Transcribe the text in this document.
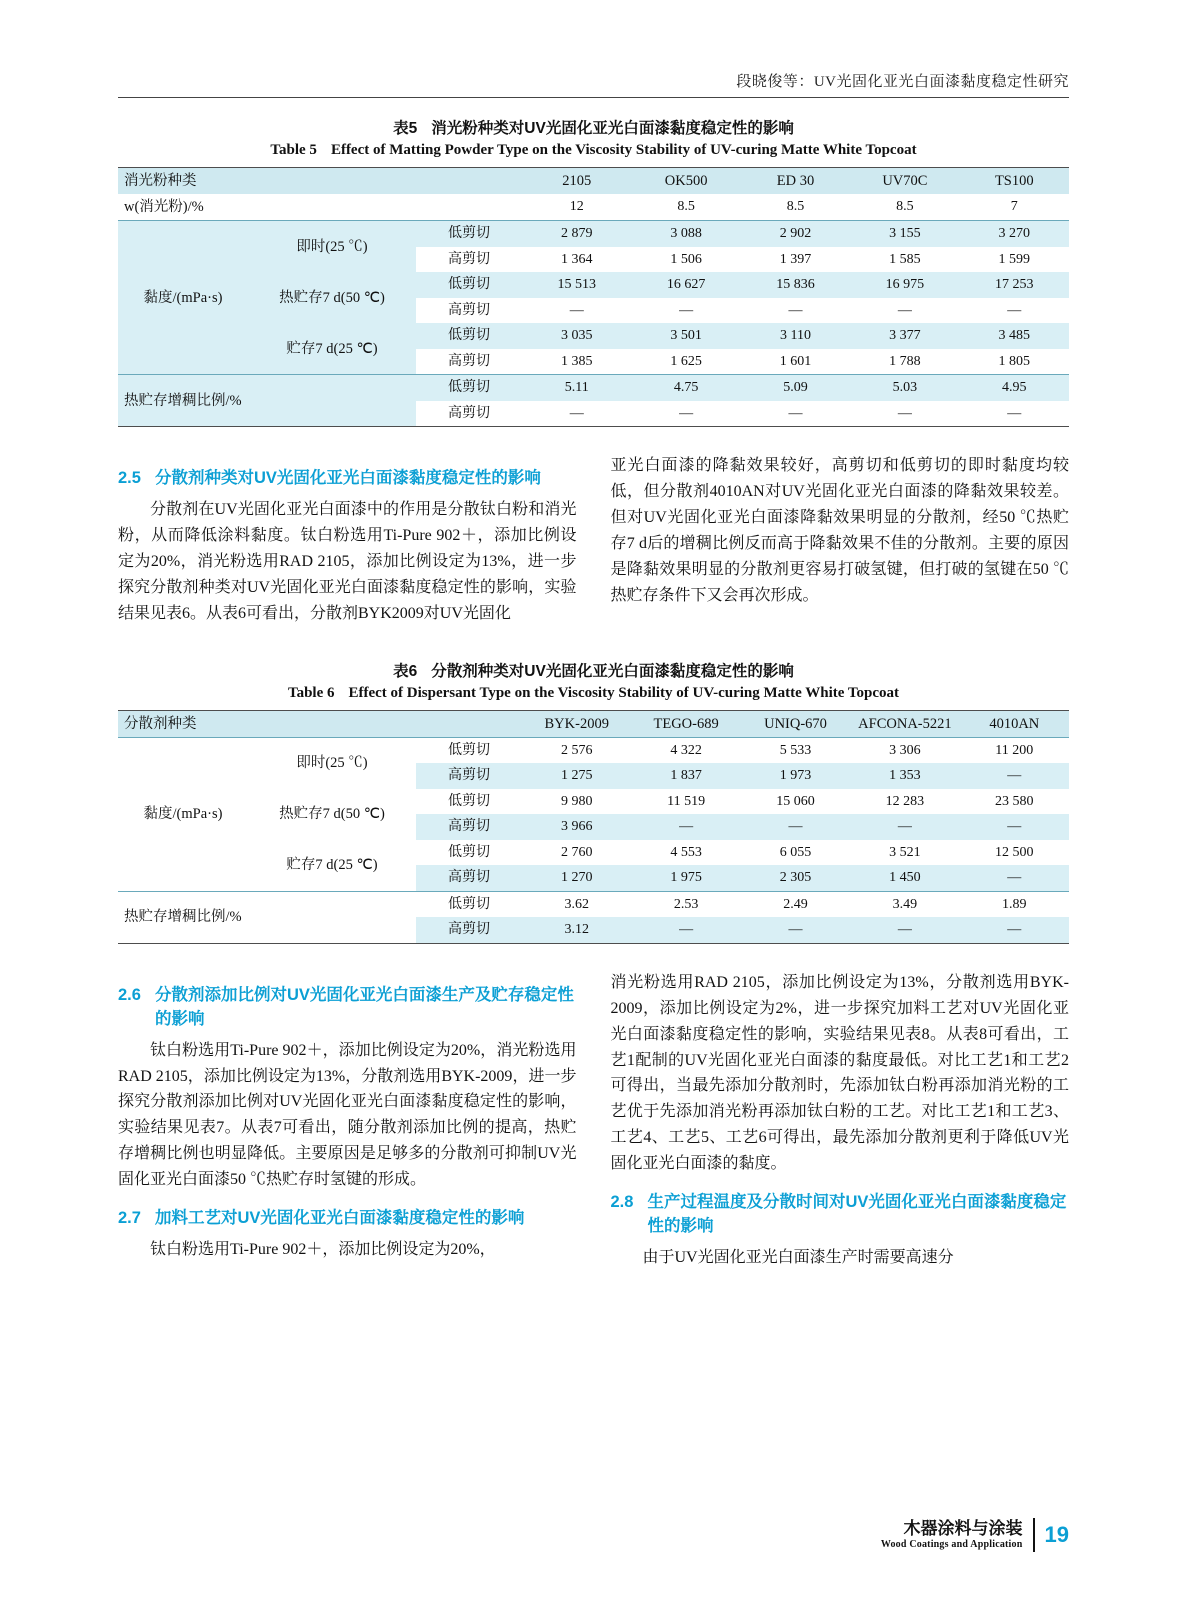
段晓俊等：UV光固化亚光白面漆黏度稳定性研究
表5 消光粉种类对UV光固化亚光白面漆黏度稳定性的影响
Table 5 Effect of Matting Powder Type on the Viscosity Stability of UV-curing Matte White Topcoat
消光粉种类			2105	OK500	ED 30	UV70C	TS100
w(消光粉)/%			12	8.5	8.5	8.5	7
黏度/(mPa·s)	即时(25 ℃)	低剪切	2 879	3 088	2 902	3 155	3 270
		高剪切	1 364	1 506	1 397	1 585	1 599
	热贮存7 d(50 ℃)	低剪切	15 513	16 627	15 836	16 975	17 253
		高剪切	—	—	—	—	—
	贮存7 d(25 ℃)	低剪切	3 035	3 501	3 110	3 377	3 485
		高剪切	1 385	1 625	1 601	1 788	1 805
热贮存增稠比例/%		低剪切	5.11	4.75	5.09	5.03	4.95
		高剪切	—	—	—	—	—
2.5 分散剂种类对UV光固化亚光白面漆黏度稳定性的影响

分散剂在UV光固化亚光白面漆中的作用是分散钛白粉和消光粉，从而降低涂料黏度。钛白粉选用Ti-Pure 902＋，添加比例设定为20%，消光粉选用RAD 2105，添加比例设定为13%，进一步探究分散剂种类对UV光固化亚光白面漆黏度稳定性的影响，实验结果见表6。从表6可看出，分散剂BYK2009对UV光固化

亚光白面漆的降黏效果较好，高剪切和低剪切的即时黏度均较低，但分散剂4010AN对UV光固化亚光白面漆的降黏效果较差。但对UV光固化亚光白面漆降黏效果明显的分散剂，经50 ℃热贮存7 d后的增稠比例反而高于降黏效果不佳的分散剂。主要的原因是降黏效果明显的分散剂更容易打破氢键，但打破的氢键在50 ℃热贮存条件下又会再次形成。

表6 分散剂种类对UV光固化亚光白面漆黏度稳定性的影响
Table 6 Effect of Dispersant Type on the Viscosity Stability of UV-curing Matte White Topcoat
分散剂种类			BYK-2009	TEGO-689	UNIQ-670	AFCONA-5221	4010AN
黏度/(mPa·s)	即时(25 ℃)	低剪切	2 576	4 322	5 533	3 306	11 200
		高剪切	1 275	1 837	1 973	1 353	—
	热贮存7 d(50 ℃)	低剪切	9 980	11 519	15 060	12 283	23 580
		高剪切	3 966	—	—	—	—
	贮存7 d(25 ℃)	低剪切	2 760	4 553	6 055	3 521	12 500
		高剪切	1 270	1 975	2 305	1 450	—
热贮存增稠比例/%		低剪切	3.62	2.53	2.49	3.49	1.89
		高剪切	3.12	—	—	—	—
2.6 分散剂添加比例对UV光固化亚光白面漆生产及贮存稳定性的影响

钛白粉选用Ti-Pure 902＋，添加比例设定为20%，消光粉选用RAD 2105，添加比例设定为13%，分散剂选用BYK-2009，进一步探究分散剂添加比例对UV光固化亚光白面漆黏度稳定性的影响，实验结果见表7。从表7可看出，随分散剂添加比例的提高，热贮存增稠比例也明显降低。主要原因是足够多的分散剂可抑制UV光固化亚光白面漆50 ℃热贮存时氢键的形成。

2.7 加料工艺对UV光固化亚光白面漆黏度稳定性的影响

钛白粉选用Ti-Pure 902＋，添加比例设定为20%，

消光粉选用RAD 2105，添加比例设定为13%，分散剂选用BYK-2009，添加比例设定为2%，进一步探究加料工艺对UV光固化亚光白面漆黏度稳定性的影响，实验结果见表8。从表8可看出，工艺1配制的UV光固化亚光白面漆的黏度最低。对比工艺1和工艺2可得出，当最先添加分散剂时，先添加钛白粉再添加消光粉的工艺优于先添加消光粉再添加钛白粉的工艺。对比工艺1和工艺3、工艺4、工艺5、工艺6可得出，最先添加分散剂更利于降低UV光固化亚光白面漆的黏度。

2.8 生产过程温度及分散时间对UV光固化亚光白面漆黏度稳定性的影响

由于UV光固化亚光白面漆生产时需要高速分

木器涂料与涂装
Wood Coatings and Application 19
